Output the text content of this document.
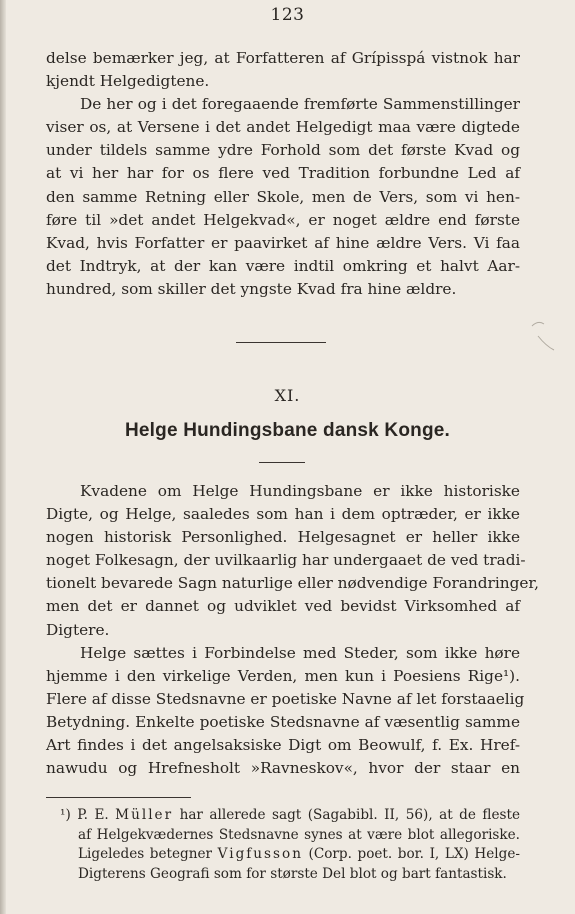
123
delse bemærker jeg, at Forfatteren af Grípisspá vistnok har
kjendt Helgedigtene.
De her og i det foregaaende fremførte Sammenstillinger
viser os, at Versene i det andet Helgedigt maa være digtede
under tildels samme ydre Forhold som det første Kvad og
at vi her har for os flere ved Tradition forbundne Led af
den samme Retning eller Skole, men de Vers, som vi hen-
føre til »det andet Helgekvad«, er noget ældre end første
Kvad, hvis Forfatter er paavirket af hine ældre Vers. Vi faa
det Indtryk, at der kan være indtil omkring et halvt Aar-
hundred, som skiller det yngste Kvad fra hine ældre.
XI.
Helge Hundingsbane dansk Konge.
Kvadene om Helge Hundingsbane er ikke historiske
Digte, og Helge, saaledes som han i dem optræder, er ikke
nogen historisk Personlighed. Helgesagnet er heller ikke
noget Folkesagn, der uvilkaarlig har undergaaet de ved tradi-
tionelt bevarede Sagn naturlige eller nødvendige Forandringer,
men det er dannet og udviklet ved bevidst Virksomhed af
Digtere.
Helge sættes i Forbindelse med Steder, som ikke høre
hjemme i den virkelige Verden, men kun i Poesiens Rige¹).
Flere af disse Stedsnavne er poetiske Navne af let forstaaelig
Betydning. Enkelte poetiske Stedsnavne af væsentlig samme
Art findes i det angelsaksiske Digt om Beowulf, f. Ex. Href-
nawudu og Hrefnesholt »Ravneskov«, hvor der staar en
¹) P. E. Müller har allerede sagt (Sagabibl. II, 56), at de fleste
af Helgekvædernes Stedsnavne synes at være blot allegoriske.
Ligeledes betegner Vigfusson (Corp. poet. bor. I, LX) Helge-
Digterens Geografi som for største Del blot og bart fantastisk.
